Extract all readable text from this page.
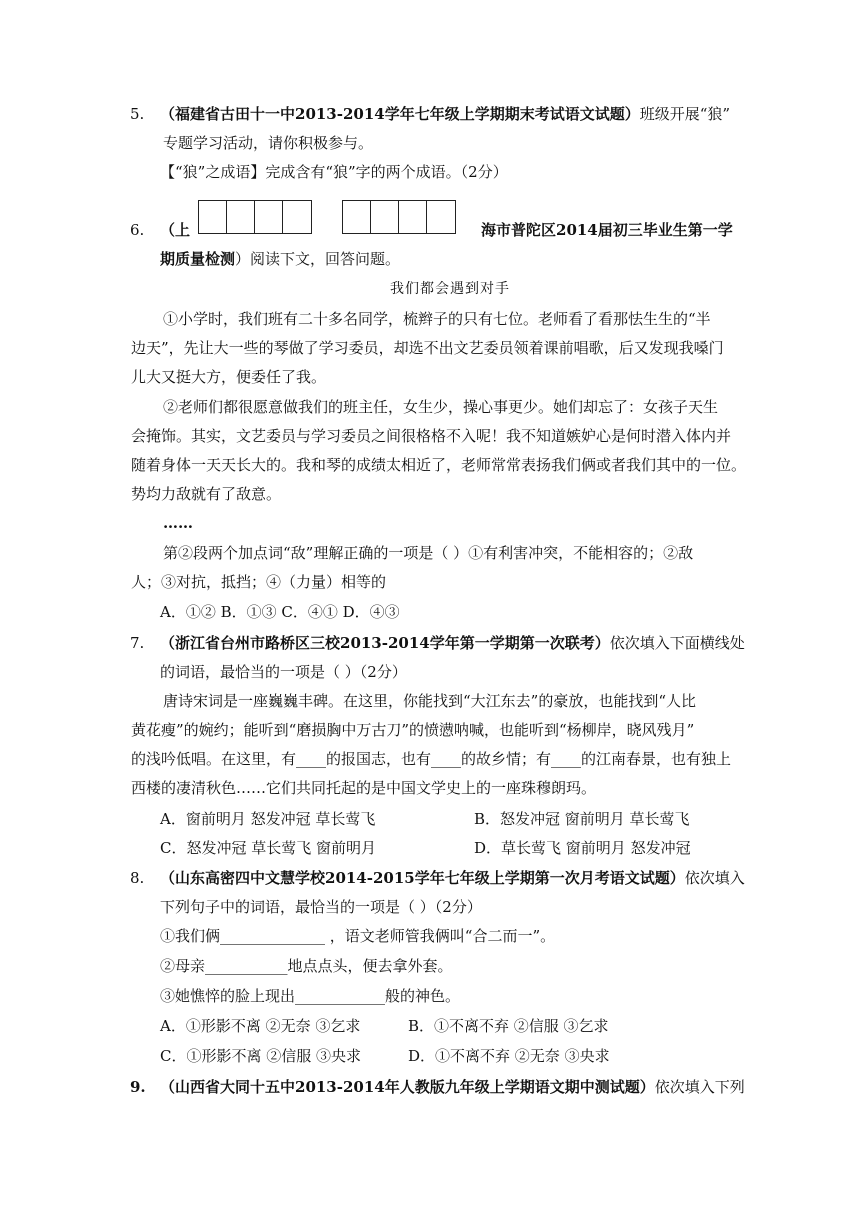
5. （福建省古田十一中2013-2014学年七年级上学期期末考试语文试题）班级开展“狼”
专题学习活动，请你积极参与。
【“狼”之成语】完成含有“狼”字的两个成语。（2分）
6. （上	海市普陀区2014届初三毕业生第一学
期质量检测）阅读下文，回答问题。
我们都会遇到对手
①小学时，我们班有二十多名同学，梳辫子的只有七位。老师看了看那怯生生的“半
边天”，先让大一些的琴做了学习委员，却选不出文艺委员领着课前唱歌，后又发现我嗓门
儿大又挺大方，便委任了我。
②老师们都很愿意做我们的班主任，女生少，操心事更少。她们却忘了：女孩子天生
会掩饰。其实，文艺委员与学习委员之间很格格不入呢！我不知道嫉妒心是何时潜入体内并
随着身体一天天长大的。我和琴的成绩太相近了，老师常常表扬我们俩或者我们其中的一位。
势均力敌就有了敌意。
……
第②段两个加点词“敌”理解正确的一项是（ ）①有利害冲突，不能相容的；②敌
人；③对抗，抵挡；④（力量）相等的
A．①② B．①③ C．④① D．④③
7. （浙江省台州市路桥区三校2013-2014学年第一学期第一次联考）依次填入下面横线处
的词语，最恰当的一项是（ ）（2分）
唐诗宋词是一座巍巍丰碑。在这里，你能找到“大江东去”的豪放，也能找到“人比
黄花瘦”的婉约；能听到“磨损胸中万古刀”的愤懑呐喊，也能听到“杨柳岸，晓风残月”
的浅吟低唱。在这里，有____的报国志，也有____的故乡情；有____的江南春景，也有独上
西楼的凄清秋色……它们共同托起的是中国文学史上的一座珠穆朗玛。
A．窗前明月 怒发冲冠 草长莺飞	B．怒发冲冠 窗前明月 草长莺飞
C．怒发冲冠 草长莺飞 窗前明月	D．草长莺飞 窗前明月 怒发冲冠
8. （山东高密四中文慧学校2014-2015学年七年级上学期第一次月考语文试题）依次填入
下列句子中的词语，最恰当的一项是（ ）（2分）
①我们俩______________ ，语文老师管我俩叫“合二而一”。
②母亲___________地点点头，便去拿外套。
③她憔悴的脸上现出____________般的神色。
A．①形影不离 ②无奈 ③乞求	B．①不离不弃 ②信服 ③乞求
C．①形影不离 ②信服 ③央求	D．①不离不弃 ②无奈 ③央求
9. （山西省大同十五中2013-2014年人教版九年级上学期语文期中测试题）依次填入下列
